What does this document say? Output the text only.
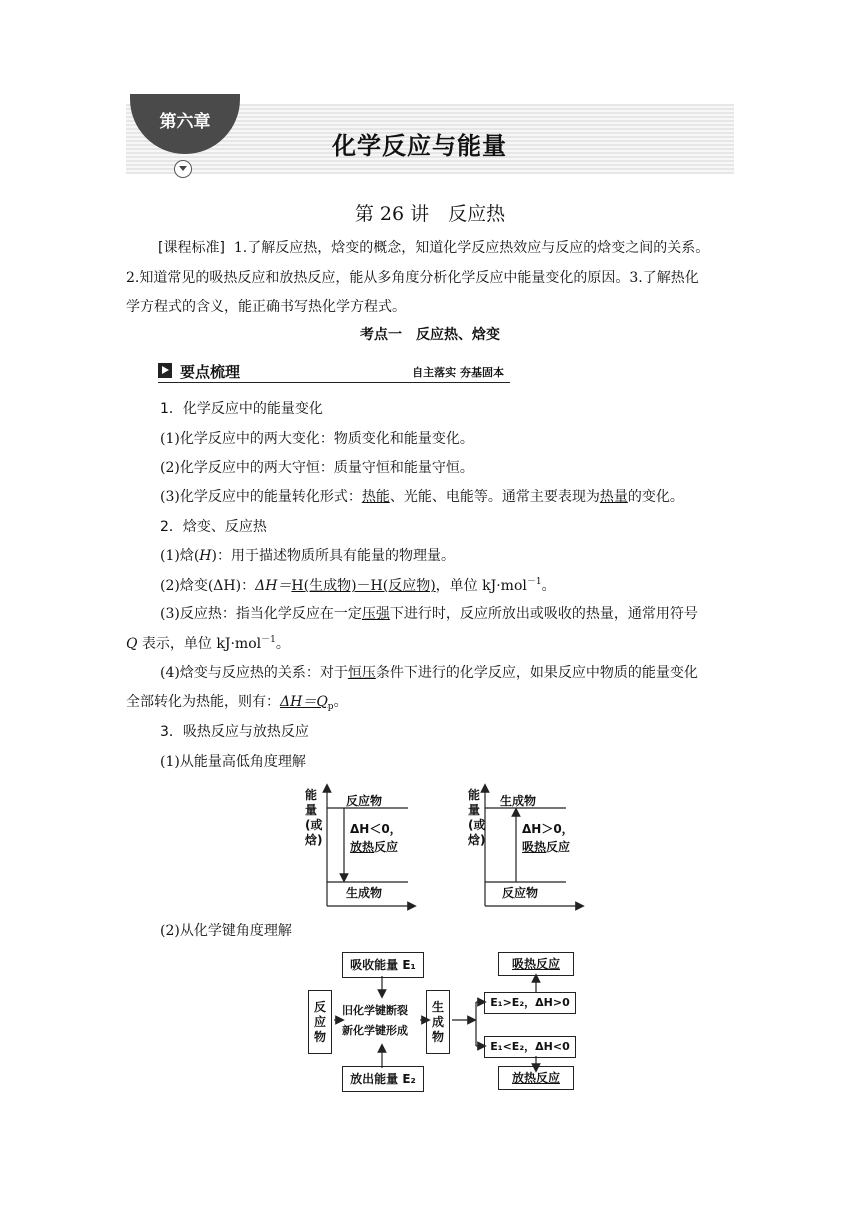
第六章
化学反应与能量
第 26 讲　反应热
[课程标准] 1.了解反应热，焓变的概念，知道化学反应热效应与反应的焓变之间的关系。
2.知道常见的吸热反应和放热反应，能从多角度分析化学反应中能量变化的原因。3.了解热化
学方程式的含义，能正确书写热化学方程式。
考点一　反应热、焓变
要点梳理	自主落实 夯基固本
1．化学反应中的能量变化
(1)化学反应中的两大变化：物质变化和能量变化。
(2)化学反应中的两大守恒：质量守恒和能量守恒。
(3)化学反应中的能量转化形式：热能、光能、电能等。通常主要表现为热量的变化。
2．焓变、反应热
(1)焓(H)：用于描述物质所具有能量的物理量。
(2)焓变(ΔH)：ΔH＝H(生成物)－H(反应物)，单位 kJ·mol$^{-1}$。
(3)反应热：指当化学反应在一定压强下进行时，反应所放出或吸收的热量，通常用符号
Q 表示，单位 kJ·mol$^{-1}$。
(4)焓变与反应热的关系：对于恒压条件下进行的化学反应，如果反应中物质的能量变化
全部转化为热能，则有：$\Delta H=Q_p$。
3．吸热反应与放热反应
(1)从能量高低角度理解
能量(或焓)
反应物
生成物
ΔH＜0，
放热反应
能量(或焓)
生成物
反应物
ΔH＞0，
吸热反应
(2)从化学键角度理解
吸收能量 E₁
放出能量 E₂
反应物
生成物
旧化学键断裂
新化学键形成
E₁>E₂，ΔH>0
E₁<E₂，ΔH<0
吸热反应
放热反应
